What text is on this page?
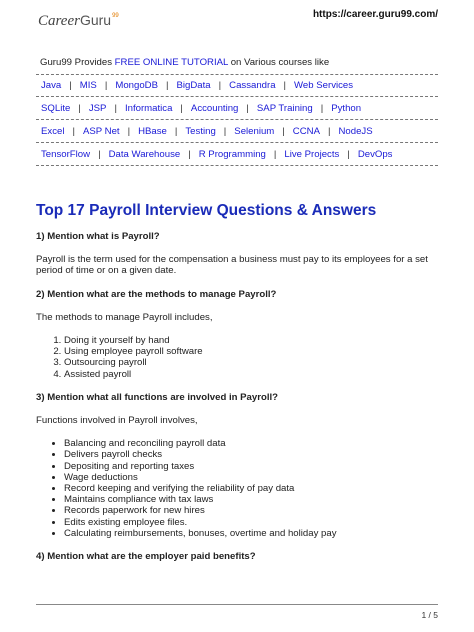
Career Guru 99	https://career.guru99.com/
Guru99 Provides FREE ONLINE TUTORIAL on Various courses like
Java | MIS | MongoDB | BigData | Cassandra | Web Services
SQLite | JSP | Informatica | Accounting | SAP Training | Python
Excel | ASP Net | HBase | Testing | Selenium | CCNA | NodeJS
TensorFlow | Data Warehouse | R Programming | Live Projects | DevOps
Top 17 Payroll Interview Questions & Answers
1) Mention what is Payroll?
Payroll is the term used for the compensation a business must pay to its employees for a set period of time or on a given date.
2) Mention what are the methods to manage Payroll?
The methods to manage Payroll includes,
1. Doing it yourself by hand
2. Using employee payroll software
3. Outsourcing payroll
4. Assisted payroll
3) Mention what all functions are involved in Payroll?
Functions involved in Payroll involves,
• Balancing and reconciling payroll data
• Delivers payroll checks
• Depositing and reporting taxes
• Wage deductions
• Record keeping and verifying the reliability of pay data
• Maintains compliance with tax laws
• Records paperwork for new hires
• Edits existing employee files.
• Calculating reimbursements, bonuses, overtime and holiday pay
4) Mention what are the employer paid benefits?
1 / 5
